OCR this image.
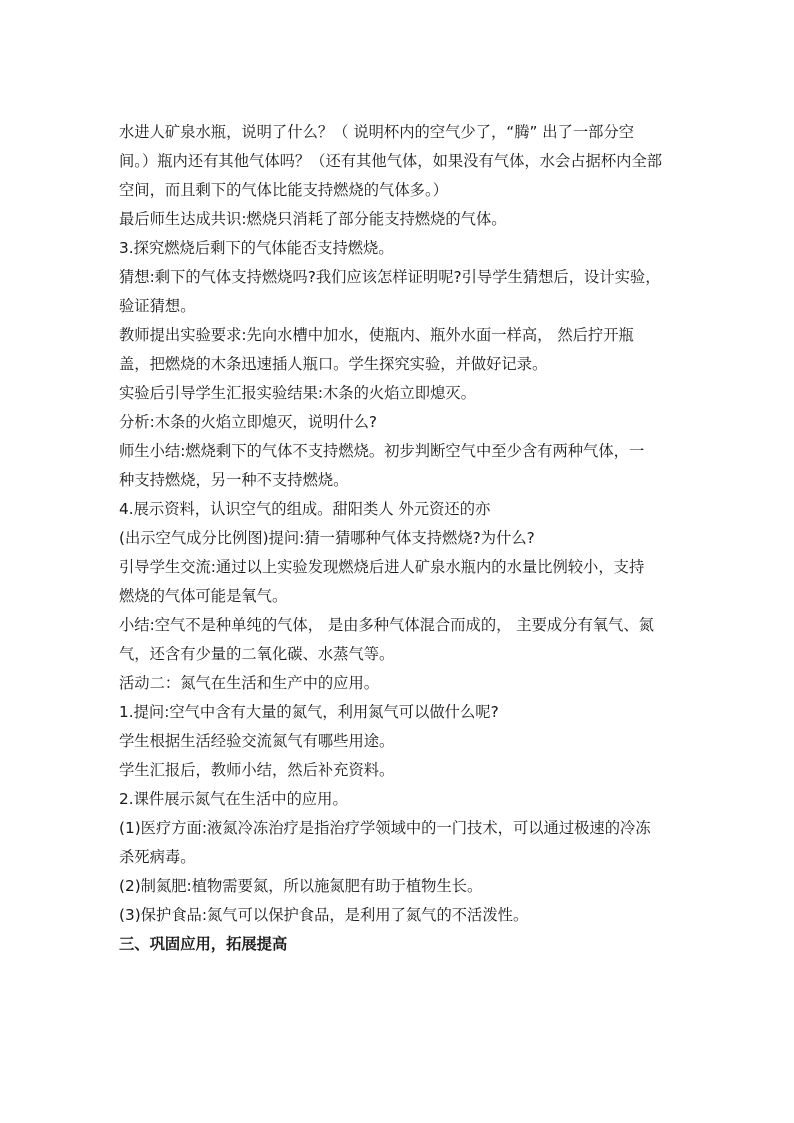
水进人矿泉水瓶，说明了什么？（ 说明杯内的空气少了，“腾” 出了一部分空
间。）瓶内还有其他气体吗？（还有其他气体，如果没有气体，水会占据杯内全部
空间，而且剩下的气体比能支持燃烧的气体多。）
最后师生达成共识:燃烧只消耗了部分能支持燃烧的气体。
3.探究燃烧后剩下的气体能否支持燃烧。
猜想:剩下的气体支持燃烧吗?我们应该怎样证明呢?引导学生猜想后，设计实验，
验证猜想。
教师提出实验要求:先向水槽中加水，使瓶内、瓶外水面一样高， 然后拧开瓶
盖，把燃烧的木条迅速插人瓶口。学生探究实验，并做好记录。
实验后引导学生汇报实验结果:木条的火焰立即熄灭。
分析:木条的火焰立即熄灭，说明什么?
师生小结:燃烧剩下的气体不支持燃烧。初步判断空气中至少含有两种气体，一
种支持燃烧，另一种不支持燃烧。
4.展示资料，认识空气的组成。甜阳类人 外元资还的亦
(出示空气成分比例图)提问:猜一猜哪种气体支持燃烧?为什么?
引导学生交流:通过以上实验发现燃烧后进人矿泉水瓶内的水量比例较小，支持
燃烧的气体可能是氧气。
小结:空气不是种单纯的气体， 是由多种气体混合而成的， 主要成分有氧气、氮
气，还含有少量的二氧化碳、水蒸气等。
活动二：氮气在生活和生产中的应用。
1.提问:空气中含有大量的氮气，利用氮气可以做什么呢?
学生根据生活经验交流氮气有哪些用途。
学生汇报后，教师小结，然后补充资料。
2.课件展示氮气在生活中的应用。
(1)医疗方面:液氮冷冻治疗是指治疗学领域中的一门技术，可以通过极速的冷冻
杀死病毒。
(2)制氮肥:植物需要氮，所以施氮肥有助于植物生长。
(3)保护食品:氮气可以保护食品，是利用了氮气的不活泼性。
三、巩固应用，拓展提高
